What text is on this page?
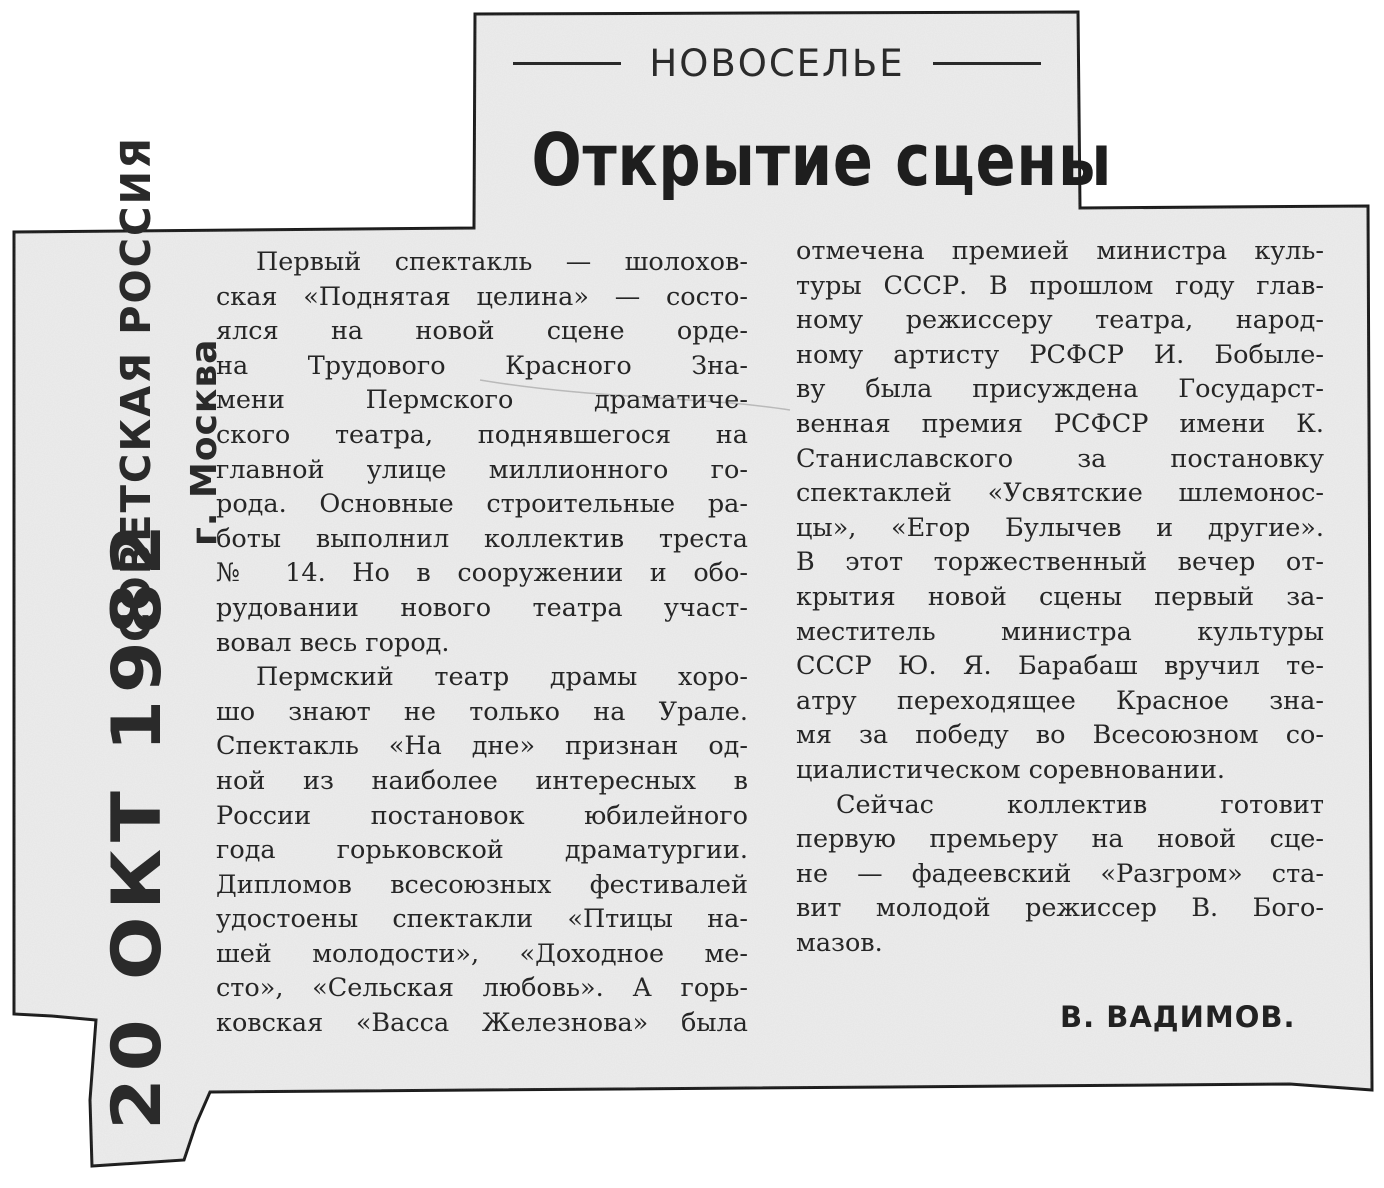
НОВОСЕЛЬЕ
Открытие сцены
СОВЕТСКАЯ РОССИЯ г. Москва
20 ОКТ 1982
Первый спектакль — шолохов-
ская «Поднятая целина» — состо-
ялся на новой сцене орде-
на Трудового Красного Зна-
мени Пермского драматиче-
ского театра, поднявшегося на
главной улице миллионного го-
рода. Основные строительные ра-
боты выполнил коллектив треста
№ 14. Но в сооружении и обо-
рудовании нового театра участ-
вовал весь город.
Пермский театр драмы хоро-
шо знают не только на Урале.
Спектакль «На дне» признан од-
ной из наиболее интересных в
России постановок юбилейного
года горьковской драматургии.
Дипломов всесоюзных фестивалей
удостоены спектакли «Птицы на-
шей молодости», «Доходное ме-
сто», «Сельская любовь». А горь-
ковская «Васса Железнова» была
отмечена премией министра куль-
туры СССР. В прошлом году глав-
ному режиссеру театра, народ-
ному артисту РСФСР И. Бобыле-
ву была присуждена Государст-
венная премия РСФСР имени К.
Станиславского за постановку
спектаклей «Усвятские шлемонос-
цы», «Егор Булычев и другие».
В этот торжественный вечер от-
крытия новой сцены первый за-
меститель министра культуры
СССР Ю. Я. Барабаш вручил те-
атру переходящее Красное зна-
мя за победу во Всесоюзном со-
циалистическом соревновании.
Сейчас коллектив готовит
первую премьеру на новой сце-
не — фадеевский «Разгром» ста-
вит молодой режиссер В. Бого-
мазов.
В. ВАДИМОВ.
